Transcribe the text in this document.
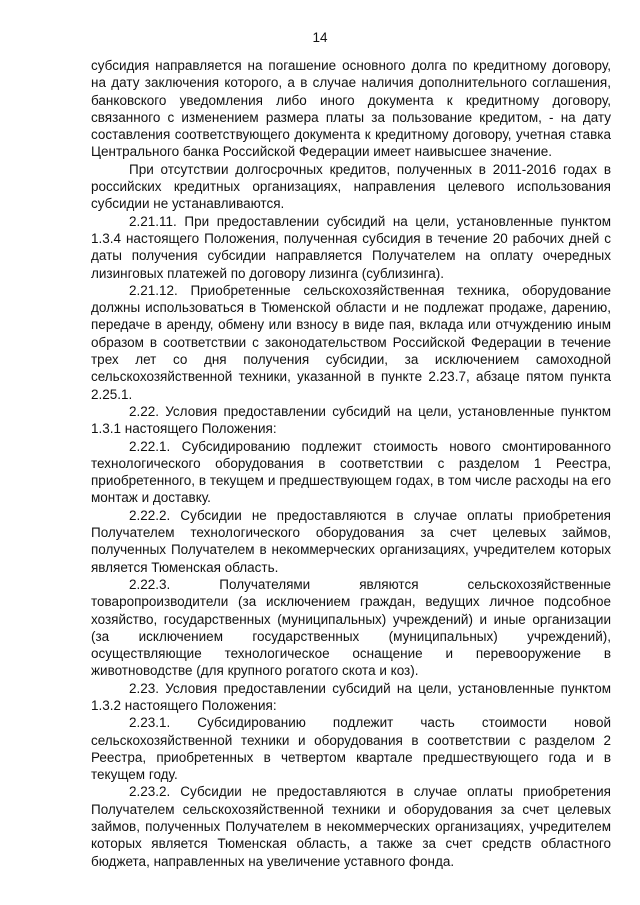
14

субсидия направляется на погашение основного долга по кредитному договору, на дату заключения которого, а в случае наличия дополнительного соглашения, банковского уведомления либо иного документа к кредитному договору, связанного с изменением размера платы за пользование кредитом, - на дату составления соответствующего документа к кредитному договору, учетная ставка Центрального банка Российской Федерации имеет наивысшее значение.

При отсутствии долгосрочных кредитов, полученных в 2011-2016 годах в российских кредитных организациях, направления целевого использования субсидии не устанавливаются.

2.21.11. При предоставлении субсидий на цели, установленные пунктом 1.3.4 настоящего Положения, полученная субсидия в течение 20 рабочих дней с даты получения субсидии направляется Получателем на оплату очередных лизинговых платежей по договору лизинга (сублизинга).

2.21.12. Приобретенные сельскохозяйственная техника, оборудование должны использоваться в Тюменской области и не подлежат продаже, дарению, передаче в аренду, обмену или взносу в виде пая, вклада или отчуждению иным образом в соответствии с законодательством Российской Федерации в течение трех лет со дня получения субсидии, за исключением самоходной сельскохозяйственной техники, указанной в пункте 2.23.7, абзаце пятом пункта 2.25.1.

2.22. Условия предоставлении субсидий на цели, установленные пунктом 1.3.1 настоящего Положения:

2.22.1. Субсидированию подлежит стоимость нового смонтированного технологического оборудования в соответствии с разделом 1 Реестра, приобретенного, в текущем и предшествующем годах, в том числе расходы на его монтаж и доставку.

2.22.2. Субсидии не предоставляются в случае оплаты приобретения Получателем технологического оборудования за счет целевых займов, полученных Получателем в некоммерческих организациях, учредителем которых является Тюменская область.

2.22.3. Получателями являются сельскохозяйственные товаропроизводители (за исключением граждан, ведущих личное подсобное хозяйство, государственных (муниципальных) учреждений) и иные организации (за исключением государственных (муниципальных) учреждений), осуществляющие технологическое оснащение и перевооружение в животноводстве (для крупного рогатого скота и коз).

2.23. Условия предоставлении субсидий на цели, установленные пунктом 1.3.2 настоящего Положения:

2.23.1. Субсидированию подлежит часть стоимости новой сельскохозяйственной техники и оборудования в соответствии с разделом 2 Реестра, приобретенных в четвертом квартале предшествующего года и в текущем году.

2.23.2. Субсидии не предоставляются в случае оплаты приобретения Получателем сельскохозяйственной техники и оборудования за счет целевых займов, полученных Получателем в некоммерческих организациях, учредителем которых является Тюменская область, а также за счет средств областного бюджета, направленных на увеличение уставного фонда.
